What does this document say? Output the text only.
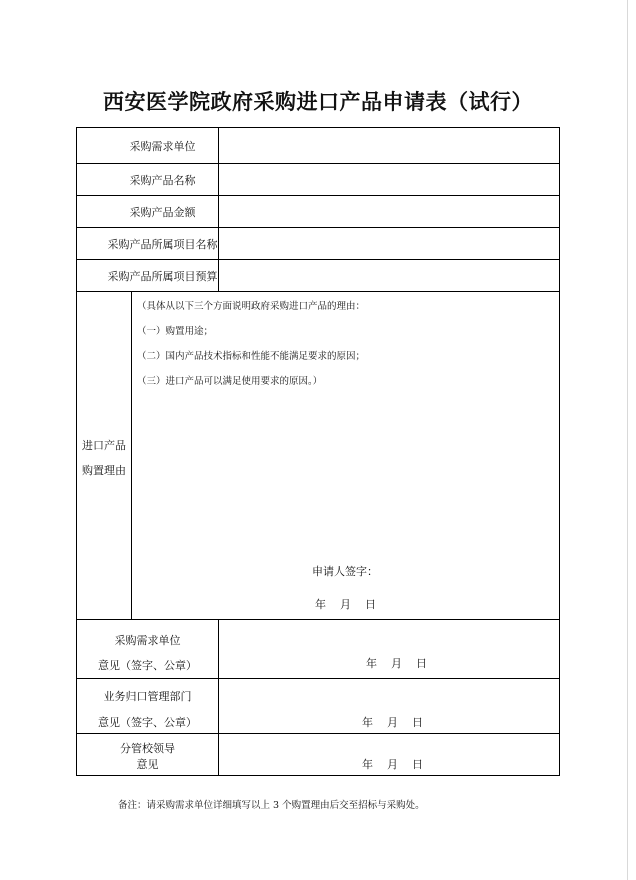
西安医学院政府采购进口产品申请表（试行）
采购需求单位
采购产品名称
采购产品金额
采购产品所属项目名称
采购产品所属项目预算
进口产品
购置理由
（具体从以下三个方面说明政府采购进口产品的理由：
（一）购置用途；
（二）国内产品技术指标和性能不能满足要求的原因；
（三）进口产品可以满足使用要求的原因。）
申请人签字：
年    月    日
采购需求单位
意见（签字、公章）	年    月    日
业务归口管理部门
意见（签字、公章）	年    月    日
分管校领导
意见	年    月    日
备注：请采购需求单位详细填写以上 3 个购置理由后交至招标与采购处。
